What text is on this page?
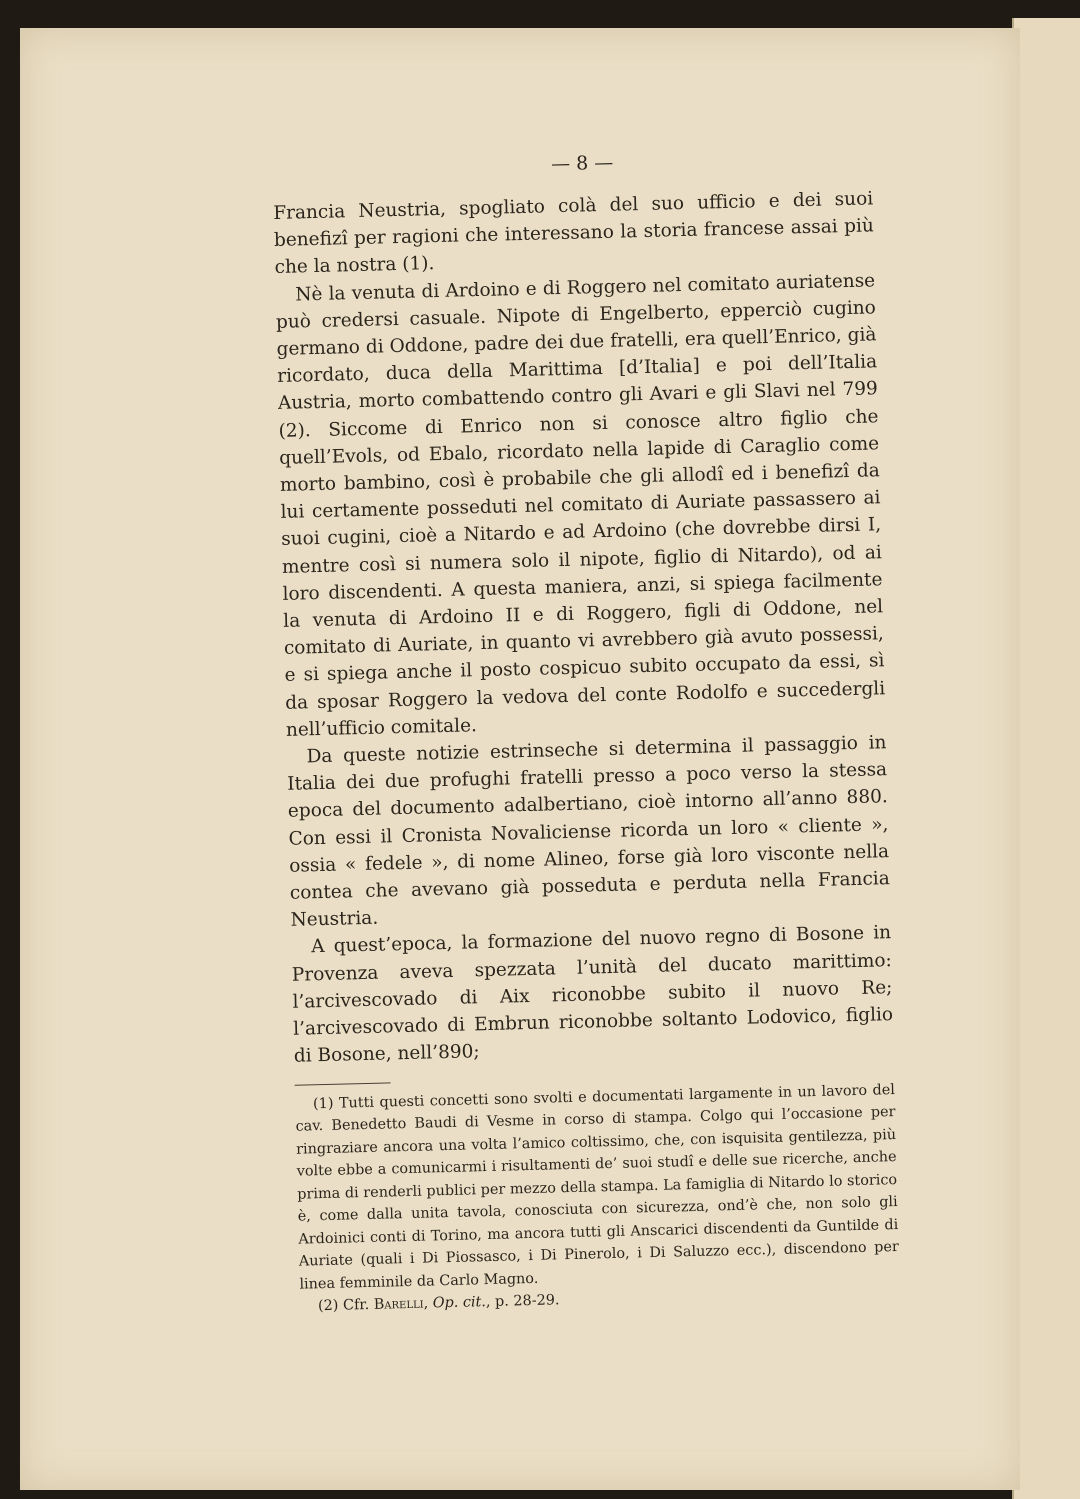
— 8 —

Francia Neustria, spogliato colà del suo ufficio e dei suoi benefizî per ragioni che interessano la storia francese assai più che la nostra (1).

Nè la venuta di Ardoino e di Roggero nel comitato auriatense può credersi casuale. Nipote di Engelberto, epperciò cugino germano di Oddone, padre dei due fratelli, era quell’Enrico, già ricordato, duca della Marittima [d’Italia] e poi dell’Italia Austria, morto combattendo contro gli Avari e gli Slavi nel 799 (2). Siccome di Enrico non si conosce altro figlio che quell’Evols, od Ebalo, ricordato nella lapide di Caraglio come morto bambino, così è probabile che gli allodî ed i benefizî da lui certamente posseduti nel comitato di Auriate passassero ai suoi cugini, cioè a Nitardo e ad Ardoino (che dovrebbe dirsi I, mentre così si numera solo il nipote, figlio di Nitardo), od ai loro discendenti. A questa maniera, anzi, si spiega facilmente la venuta di Ardoino II e di Roggero, figli di Oddone, nel comitato di Auriate, in quanto vi avrebbero già avuto possessi, e si spiega anche il posto cospicuo subito occupato da essi, sì da sposar Roggero la vedova del conte Rodolfo e succedergli nell’ufficio comitale.

Da queste notizie estrinseche si determina il passaggio in Italia dei due profughi fratelli presso a poco verso la stessa epoca del documento adalbertiano, cioè intorno all’anno 880. Con essi il Cronista Novaliciense ricorda un loro « cliente », ossia « fedele », di nome Alineo, forse già loro visconte nella contea che avevano già posseduta e perduta nella Francia Neustria.

A quest’epoca, la formazione del nuovo regno di Bosone in Provenza aveva spezzata l’unità del ducato marittimo: l’arcivescovado di Aix riconobbe subito il nuovo Re; l’arcivescovado di Embrun riconobbe soltanto Lodovico, figlio di Bosone, nell’890;

(1) Tutti questi concetti sono svolti e documentati largamente in un lavoro del cav. Benedetto Baudi di Vesme in corso di stampa. Colgo qui l’occasione per ringraziare ancora una volta l’amico coltissimo, che, con isquisita gentilezza, più volte ebbe a comunicarmi i risultamenti de’ suoi studî e delle sue ricerche, anche prima di renderli publici per mezzo della stampa. La famiglia di Nitardo lo storico è, come dalla unita tavola, conosciuta con sicurezza, ond’è che, non solo gli Ardoinici conti di Torino, ma ancora tutti gli Anscarici discendenti da Guntilde di Auriate (quali i Di Piossasco, i Di Pinerolo, i Di Saluzzo ecc.), discendono per linea femminile da Carlo Magno.

(2) Cfr. Barelli, Op. cit., p. 28-29.
